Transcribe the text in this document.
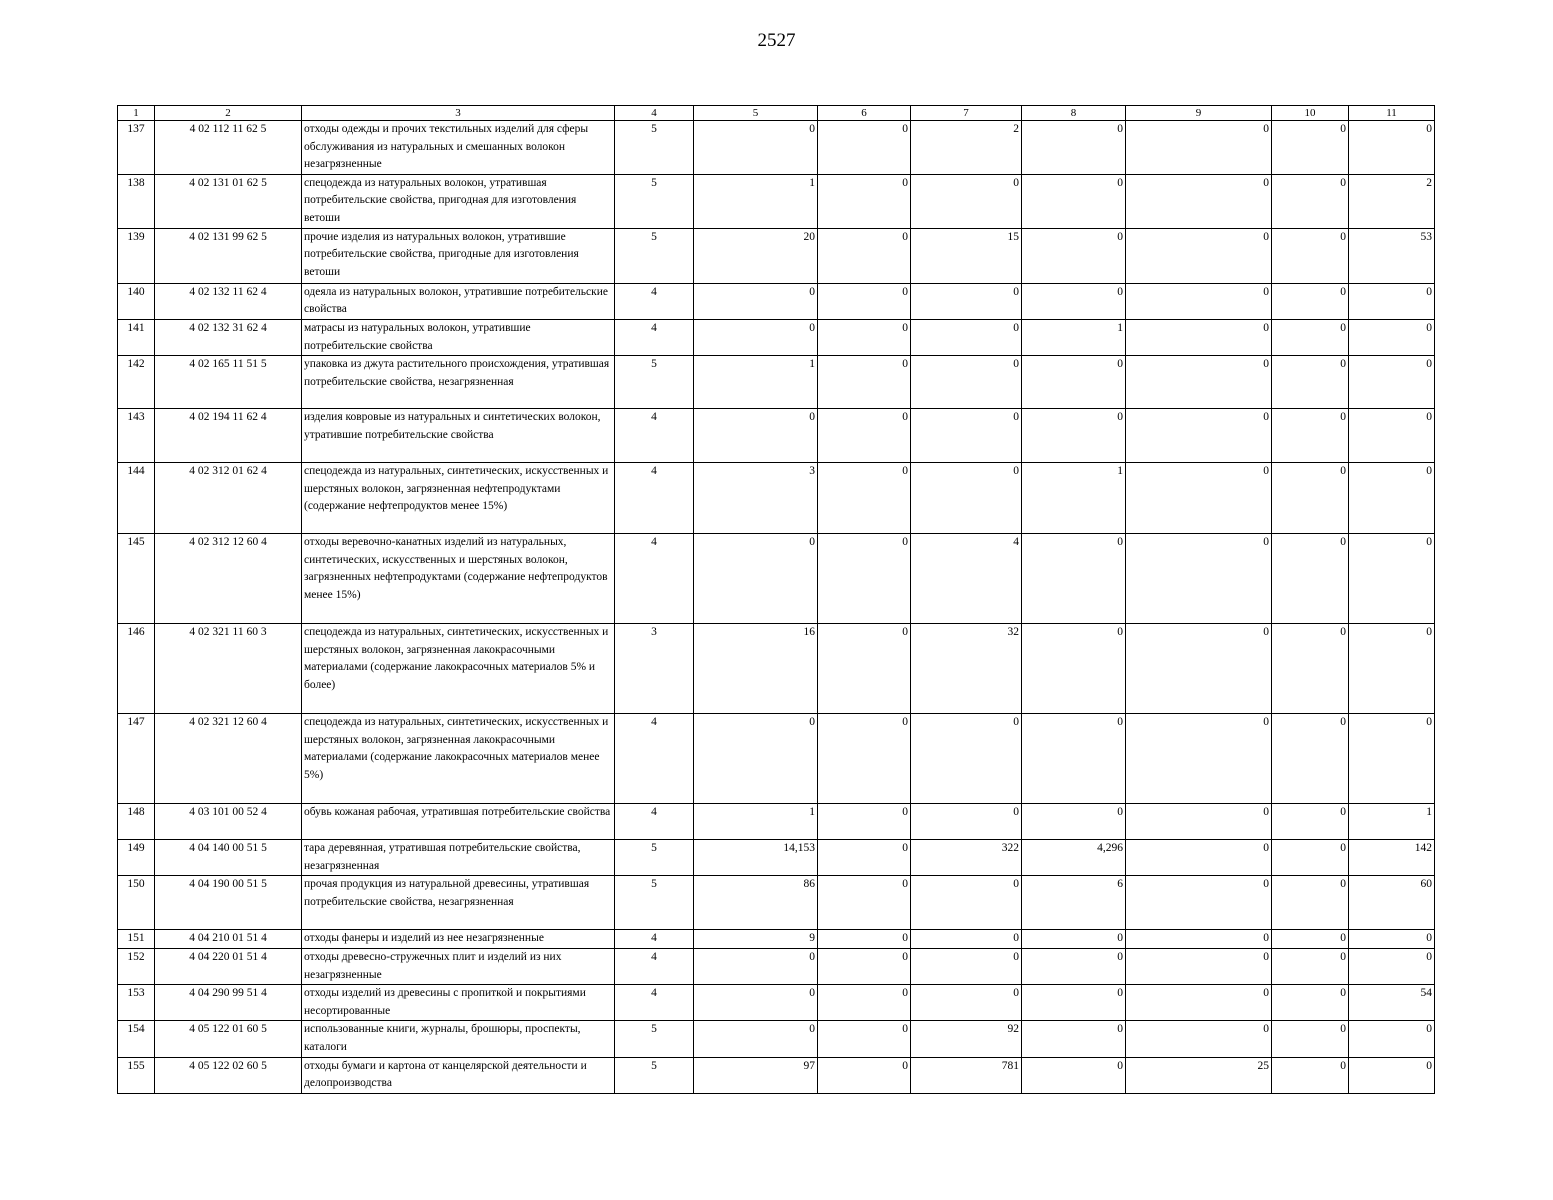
2527
1	2	3	4	5	6	7	8	9	10	11
137	4 02 112 11 62 5	отходы одежды и прочих текстильных изделий для сферы обслуживания из натуральных и смешанных волокон незагрязненные	5	0	0	2	0	0	0	0
138	4 02 131 01 62 5	спецодежда из натуральных волокон, утратившая потребительские свойства, пригодная для изготовления ветоши	5	1	0	0	0	0	0	2
139	4 02 131 99 62 5	прочие изделия из натуральных волокон, утратившие потребительские свойства, пригодные для изготовления ветоши	5	20	0	15	0	0	0	53
140	4 02 132 11 62 4	одеяла из натуральных волокон, утратившие потребительские свойства	4	0	0	0	0	0	0	0
141	4 02 132 31 62 4	матрасы из натуральных волокон, утратившие потребительские свойства	4	0	0	0	1	0	0	0
142	4 02 165 11 51 5	упаковка из джута растительного происхождения, утратившая потребительские свойства, незагрязненная	5	1	0	0	0	0	0	0
143	4 02 194 11 62 4	изделия ковровые из натуральных и синтетических волокон, утратившие потребительские свойства	4	0	0	0	0	0	0	0
144	4 02 312 01 62 4	спецодежда из натуральных, синтетических, искусственных и шерстяных волокон, загрязненная нефтепродуктами (содержание нефтепродуктов менее 15%)	4	3	0	0	1	0	0	0
145	4 02 312 12 60 4	отходы веревочно-канатных изделий из натуральных, синтетических, искусственных и шерстяных волокон, загрязненных нефтепродуктами (содержание нефтепродуктов менее 15%)	4	0	0	4	0	0	0	0
146	4 02 321 11 60 3	спецодежда из натуральных, синтетических, искусственных и шерстяных волокон, загрязненная лакокрасочными материалами (содержание лакокрасочных материалов 5% и более)	3	16	0	32	0	0	0	0
147	4 02 321 12 60 4	спецодежда из натуральных, синтетических, искусственных и шерстяных волокон, загрязненная лакокрасочными материалами (содержание лакокрасочных материалов менее 5%)	4	0	0	0	0	0	0	0
148	4 03 101 00 52 4	обувь кожаная рабочая, утратившая потребительские свойства	4	1	0	0	0	0	0	1
149	4 04 140 00 51 5	тара деревянная, утратившая потребительские свойства, незагрязненная	5	14,153	0	322	4,296	0	0	142
150	4 04 190 00 51 5	прочая продукция из натуральной древесины, утратившая потребительские свойства, незагрязненная	5	86	0	0	6	0	0	60
151	4 04 210 01 51 4	отходы фанеры и изделий из нее незагрязненные	4	9	0	0	0	0	0	0
152	4 04 220 01 51 4	отходы древесно-стружечных плит и изделий из них незагрязненные	4	0	0	0	0	0	0	0
153	4 04 290 99 51 4	отходы изделий из древесины с пропиткой и покрытиями несортированные	4	0	0	0	0	0	0	54
154	4 05 122 01 60 5	использованные книги, журналы, брошюры, проспекты, каталоги	5	0	0	92	0	0	0	0
155	4 05 122 02 60 5	отходы бумаги и картона от канцелярской деятельности и делопроизводства	5	97	0	781	0	25	0	0
